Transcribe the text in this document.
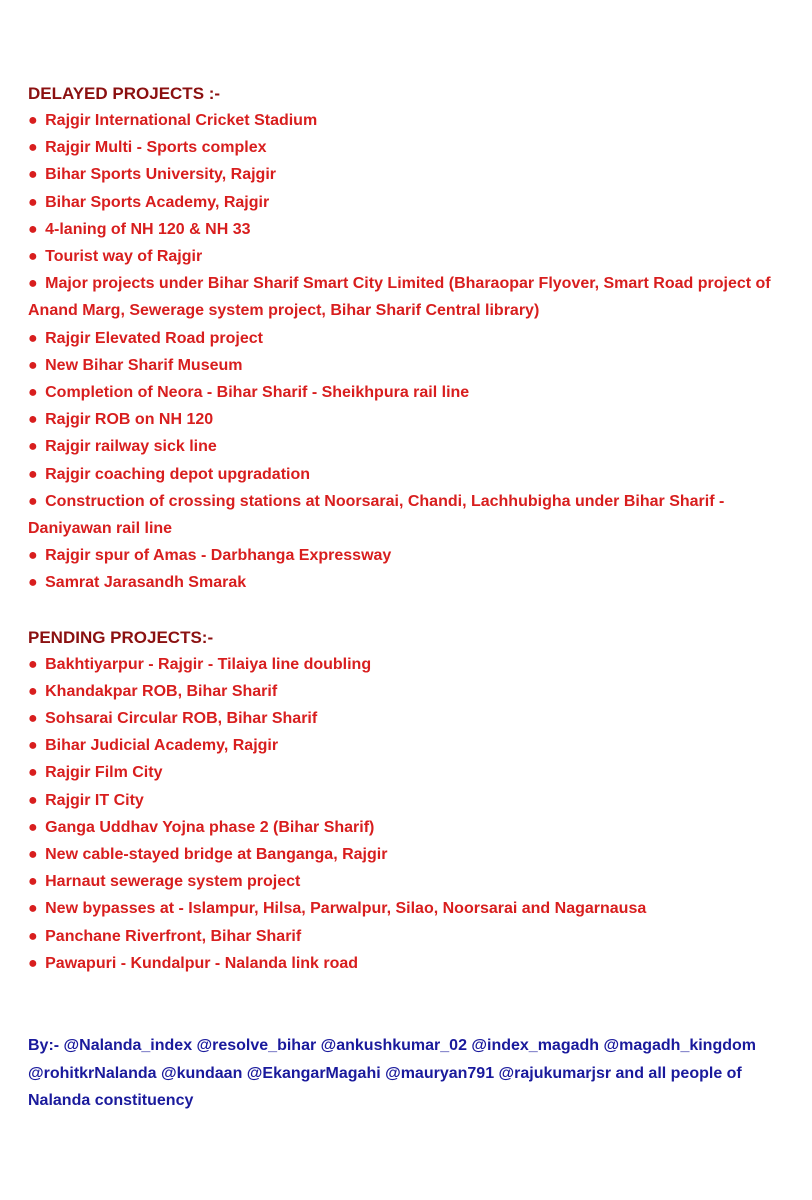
DELAYED PROJECTS :-
● Rajgir International Cricket Stadium
● Rajgir Multi - Sports complex
● Bihar Sports University, Rajgir
● Bihar Sports Academy, Rajgir
● 4-laning of NH 120 & NH 33
● Tourist way of Rajgir
● Major projects under Bihar Sharif Smart City Limited (Bharaopar Flyover, Smart Road project of Anand Marg, Sewerage system project, Bihar Sharif Central library)
● Rajgir Elevated Road project
● New Bihar Sharif Museum
● Completion of Neora - Bihar Sharif - Sheikhpura rail line
● Rajgir ROB on NH 120
● Rajgir railway sick line
● Rajgir coaching depot upgradation
● Construction of crossing stations at Noorsarai, Chandi, Lachhubigha under Bihar Sharif - Daniyawan rail line
● Rajgir spur of Amas - Darbhanga Expressway
● Samrat Jarasandh Smarak
PENDING PROJECTS:-
● Bakhtiyarpur - Rajgir - Tilaiya line doubling
● Khandakpar ROB, Bihar Sharif
● Sohsarai Circular ROB, Bihar Sharif
● Bihar Judicial Academy, Rajgir
● Rajgir Film City
● Rajgir IT City
● Ganga Uddhav Yojna phase 2 (Bihar Sharif)
● New cable-stayed bridge at Banganga, Rajgir
● Harnaut sewerage system project
● New bypasses at - Islampur, Hilsa, Parwalpur, Silao, Noorsarai and Nagarnausa
● Panchane Riverfront, Bihar Sharif
● Pawapuri - Kundalpur - Nalanda link road

By:- @Nalanda_index @resolve_bihar @ankushkumar_02 @index_magadh @magadh_kingdom @rohitkrNalanda @kundaan @EkangarMagahi @mauryan791 @rajukumarjsr and all people of Nalanda constituency
